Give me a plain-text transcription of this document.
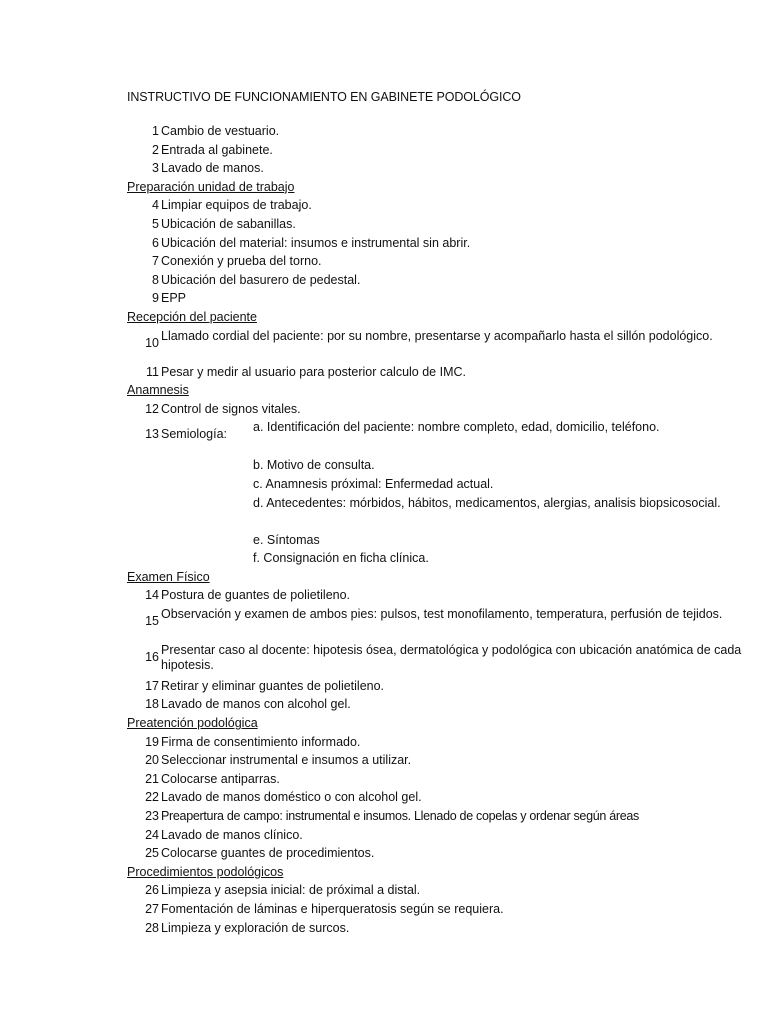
INSTRUCTIVO DE FUNCIONAMIENTO EN GABINETE PODOLÓGICO
1 Cambio de vestuario.
2 Entrada al gabinete.
3 Lavado de manos.
Preparación unidad de trabajo
4 Limpiar equipos de trabajo.
5 Ubicación de sabanillas.
6 Ubicación del material: insumos e instrumental sin abrir.
7 Conexión y prueba del torno.
8 Ubicación del basurero de pedestal.
9 EPP
Recepción del paciente
10 Llamado cordial del paciente: por su nombre, presentarse y acompañarlo hasta el sillón podológico.
11 Pesar y medir al usuario para posterior calculo de IMC.
Anamnesis
12 Control de signos vitales.
13 Semiología:	a. Identificación del paciente: nombre completo, edad, domicilio, teléfono.
b. Motivo de consulta.
c. Anamnesis próximal: Enfermedad actual.
d. Antecedentes: mórbidos, hábitos, medicamentos, alergias, analisis biopsicosocial.
e. Síntomas
f. Consignación en ficha clínica.
Examen Físico
14 Postura de guantes de polietileno.
15 Observación y examen de ambos pies: pulsos, test monofilamento, temperatura, perfusión de tejidos.
16 Presentar caso al docente: hipotesis ósea, dermatológica y podológica con ubicación anatómica de cada hipotesis.
17 Retirar y eliminar guantes de polietileno.
18 Lavado de manos con alcohol gel.
Preatención podológica
19 Firma de consentimiento informado.
20 Seleccionar instrumental e insumos a utilizar.
21 Colocarse antiparras.
22 Lavado de manos doméstico o con alcohol gel.
23 Preapertura de campo: instrumental e insumos. Llenado de copelas y ordenar según áreas
24 Lavado de manos clínico.
25 Colocarse guantes de procedimientos.
Procedimientos podológicos
26 Limpieza y asepsia inicial: de próximal a distal.
27 Fomentación de láminas e hiperqueratosis según se requiera.
28 Limpieza y exploración de surcos.
